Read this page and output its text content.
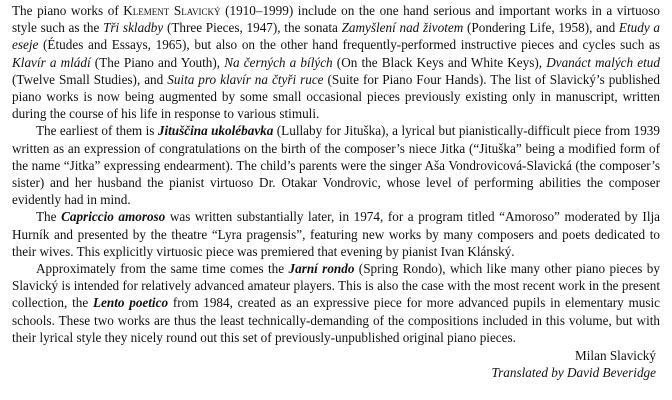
The piano works of Klement Slavický (1910–1999) include on the one hand serious and important works in a virtuoso style such as the Tři skladby (Three Pieces, 1947), the sonata Zamyšlení nad životem (Pondering Life, 1958), and Etudy a eseje (Études and Essays, 1965), but also on the other hand frequently-performed instructive pieces and cycles such as Klavír a mládí (The Piano and Youth), Na černých a bílých (On the Black Keys and White Keys), Dvanáct malých etud (Twelve Small Studies), and Suita pro klavír na čtyři ruce (Suite for Piano Four Hands). The list of Slavický’s published piano works is now being augmented by some small occasional pieces previously existing only in manuscript, written during the course of his life in response to various stimuli.

The earliest of them is Jituščina ukolébavka (Lullaby for Jituška), a lyrical but pianistically-difficult piece from 1939 written as an expression of congratulations on the birth of the composer’s niece Jitka (“Jituška” being a modified form of the name “Jitka” expressing endearment). The child’s parents were the singer Aša Vondrovicová-Slavická (the composer’s sister) and her husband the pianist virtuoso Dr. Otakar Vondrovic, whose level of performing abilities the composer evidently had in mind.

The Capriccio amoroso was written substantially later, in 1974, for a program titled “Amoroso” moderated by Ilja Hurník and presented by the theatre “Lyra pragensis”, featuring new works by many composers and poets dedicated to their wives. This explicitly virtuosic piece was premiered that evening by pianist Ivan Klánský.

Approximately from the same time comes the Jarní rondo (Spring Rondo), which like many other piano pieces by Slavický is intended for relatively advanced amateur players. This is also the case with the most recent work in the present collection, the Lento poetico from 1984, created as an expressive piece for more advanced pupils in elementary music schools. These two works are thus the least technically-demanding of the compositions included in this volume, but with their lyrical style they nicely round out this set of previously-unpublished original piano pieces.

Milan Slavický
Translated by David Beveridge
